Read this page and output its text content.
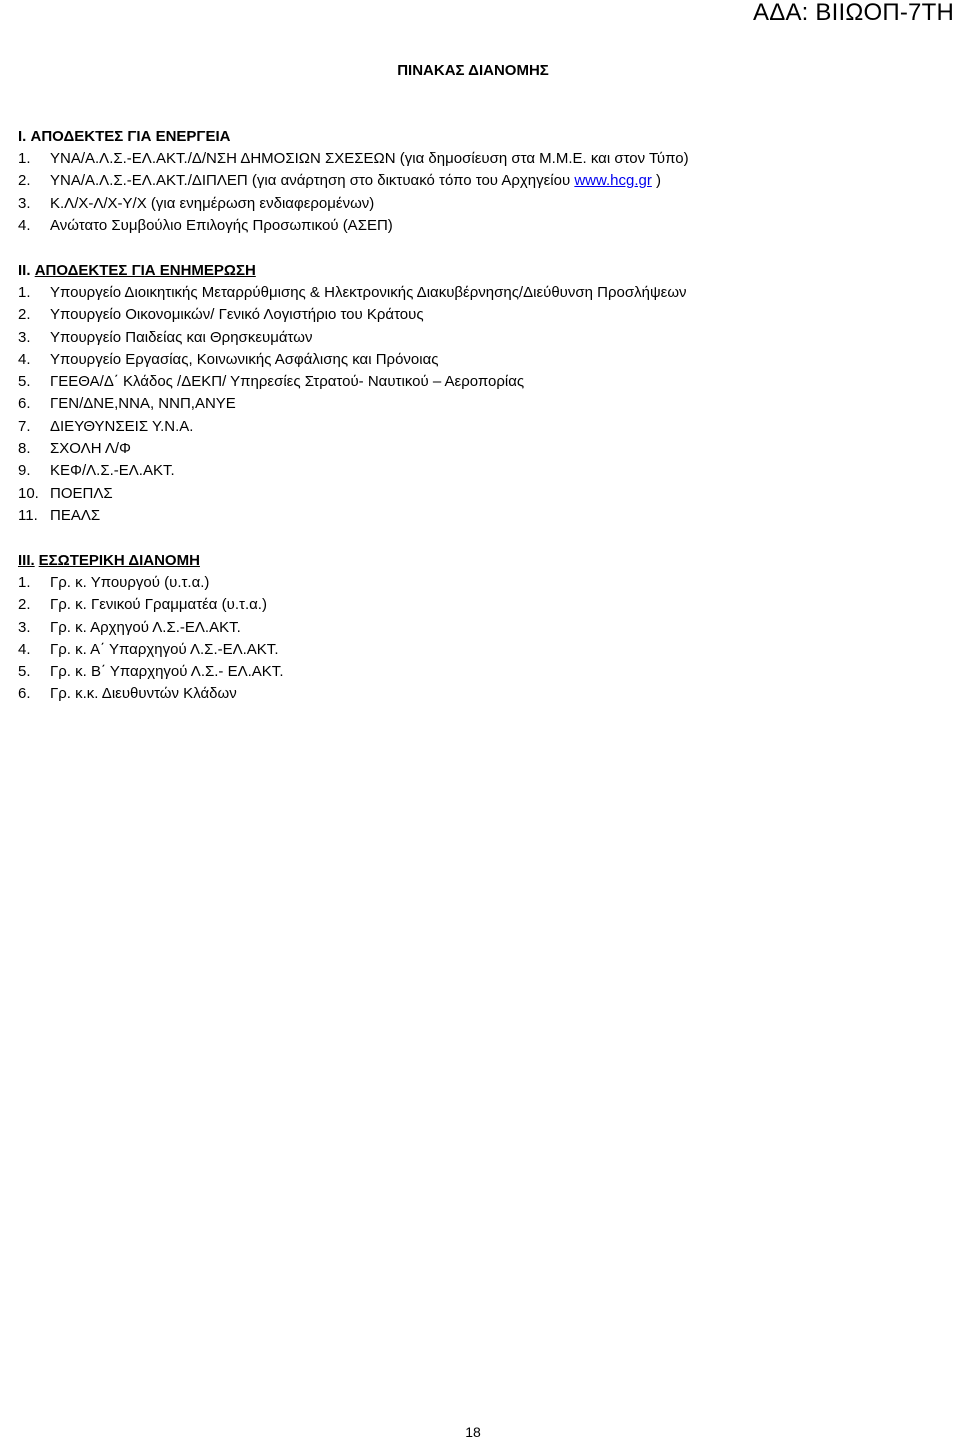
ΑΔΑ: ΒΙΙΩΟΠ-7ΤΗ
ΠΙΝΑΚΑΣ ΔΙΑΝΟΜΗΣ
I. ΑΠΟΔΕΚΤΕΣ ΓΙΑ ΕΝΕΡΓΕΙΑ
1.	ΥΝΑ/Α.Λ.Σ.-ΕΛ.ΑΚΤ./Δ/ΝΣΗ ΔΗΜΟΣΙΩΝ ΣΧΕΣΕΩΝ (για δημοσίευση στα Μ.Μ.Ε. και στον Τύπο)
2.	ΥΝΑ/Α.Λ.Σ.-ΕΛ.ΑΚΤ./ΔΙΠΛΕΠ (για ανάρτηση στο δικτυακό τόπο του Αρχηγείου www.hcg.gr )
3.	Κ.Λ/Χ-Λ/Χ-Υ/Χ (για ενημέρωση ενδιαφερομένων)
4.	Ανώτατο Συμβούλιο Επιλογής Προσωπικού (ΑΣΕΠ)
II. ΑΠΟΔΕΚΤΕΣ ΓΙΑ ΕΝΗΜΕΡΩΣΗ
1.	Υπουργείο Διοικητικής Μεταρρύθμισης & Ηλεκτρονικής Διακυβέρνησης/Διεύθυνση Προσλήψεων
2.	Υπουργείο Οικονομικών/ Γενικό Λογιστήριο του Κράτους
3.	Υπουργείο Παιδείας και Θρησκευμάτων
4.	Υπουργείο Εργασίας, Κοινωνικής Ασφάλισης και Πρόνοιας
5.	ΓΕΕΘΑ/Δ΄ Κλάδος /ΔΕΚΠ/ Υπηρεσίες Στρατού- Ναυτικού – Αεροπορίας
6.	ΓΕΝ/ΔΝΕ,ΝΝΑ, ΝΝΠ,ΑΝΥΕ
7.	ΔΙΕΥΘΥΝΣΕΙΣ Υ.Ν.Α.
8.	ΣΧΟΛΗ Λ/Φ
9.	ΚΕΦ/Λ.Σ.-ΕΛ.ΑΚΤ.
10. ΠΟΕΠΛΣ
11. ΠΕΑΛΣ
III. ΕΣΩΤΕΡΙΚΗ ΔΙΑΝΟΜΗ
1.	Γρ. κ. Υπουργού (υ.τ.α.)
2.	Γρ. κ. Γενικού Γραμματέα (υ.τ.α.)
3.	Γρ. κ. Αρχηγού Λ.Σ.-ΕΛ.ΑΚΤ.
4.	Γρ. κ. Α΄ Υπαρχηγού Λ.Σ.-ΕΛ.ΑΚΤ.
5.	Γρ. κ. Β΄ Υπαρχηγού Λ.Σ.- ΕΛ.ΑΚΤ.
6.	Γρ. κ.κ. Διευθυντών Κλάδων
18
